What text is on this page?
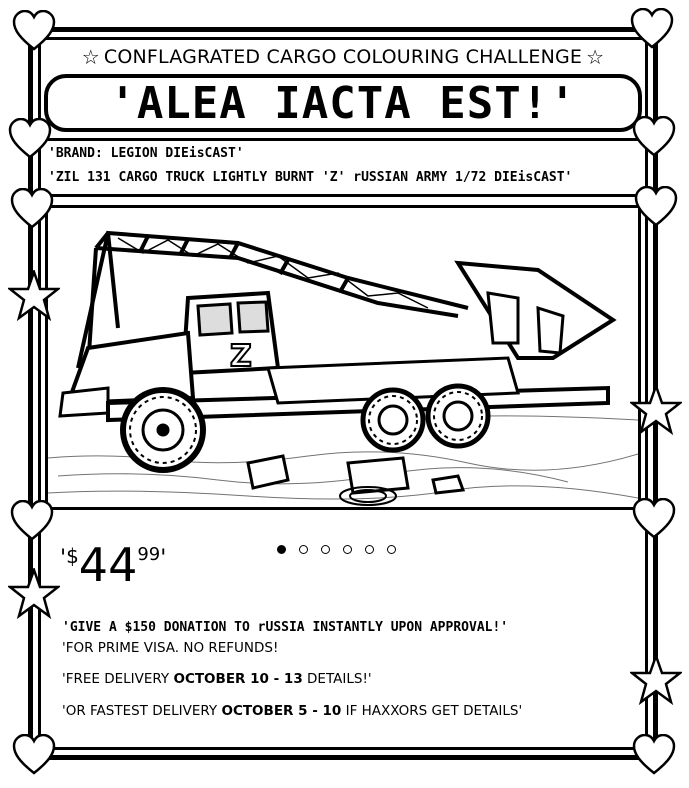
☆ CONFLAGRATED CARGO COLOURING CHALLENGE ☆
'ALEA IACTA EST!'
'BRAND: LEGION DIEisCAST'
'ZIL 131 CARGO TRUCK LIGHTLY BURNT 'Z' rUSSIAN ARMY 1/72 DIEisCAST'
Z
'$4499'
'GIVE A $150 DONATION TO rUSSIA INSTANTLY UPON APPROVAL!'
'FOR PRIME VISA. NO REFUNDS!
'FREE DELIVERY OCTOBER 10 - 13 DETAILS!'
'OR FASTEST DELIVERY OCTOBER 5 - 10 IF HAXXORS GET DETAILS'
